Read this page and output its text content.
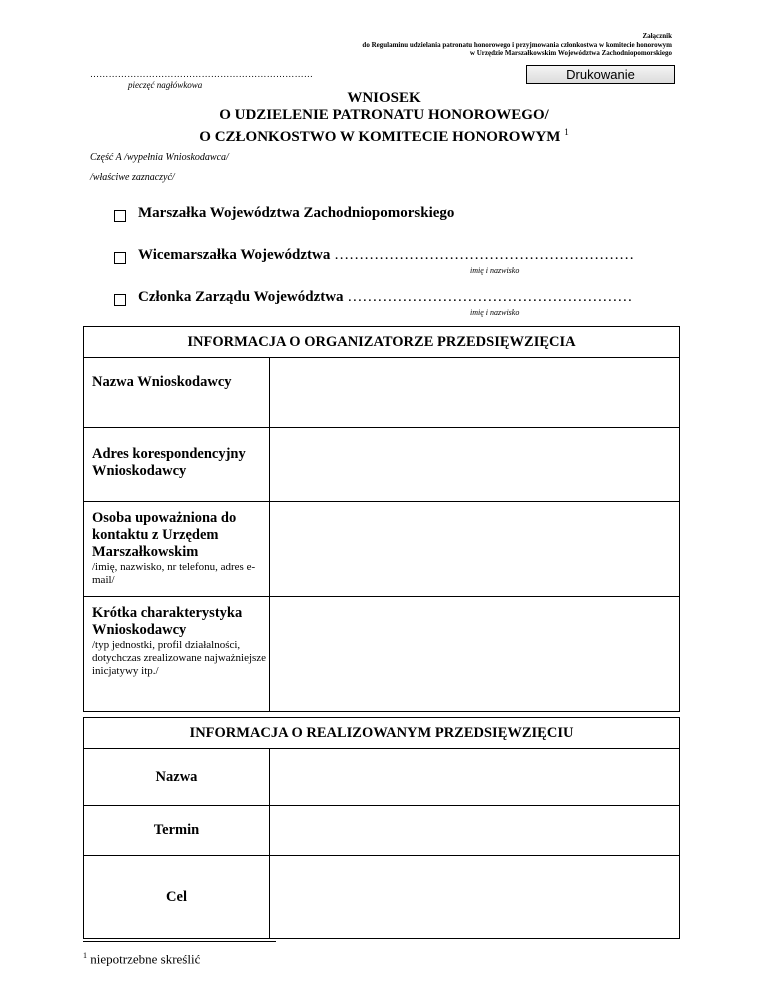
Załącznik
do Regulaminu udzielania patronatu honorowego i przyjmowania członkostwa w komitecie honorowym
w Urzędzie Marszałkowskim Województwa Zachodniopomorskiego
………………………………………………………………
pieczęć nagłówkowa
Drukowanie
WNIOSEK
O UDZIELENIE PATRONATU HONOROWEGO/
O CZŁONKOSTWO W KOMITECIE HONOROWYM $^1$
Część A /wypełnia Wnioskodawca/
/właściwe zaznaczyć/
Marszałka Województwa Zachodniopomorskiego
Wicemarszałka Województwa ……………………………………………………
imię i nazwisko
Członka Zarządu Województwa …………………………………………………
imię i nazwisko
INFORMACJA O ORGANIZATORZE PRZEDSIĘWZIĘCIA	

Nazwa Wnioskodawcy	

Adres korespondencyjny Wnioskodawcy	

Osoba upoważniona do kontaktu z Urzędem Marszałkowskim
/imię, nazwisko, nr telefonu, adres e-mail/	

Krótka charakterystyka Wnioskodawcy
/typ jednostki, profil działalności, dotychczas zrealizowane najważniejsze inicjatywy itp./	

INFORMACJA O REALIZOWANYM PRZEDSIĘWZIĘCIU	
Nazwa	
Termin	
Cel	
$^1$ niepotrzebne skreślić
